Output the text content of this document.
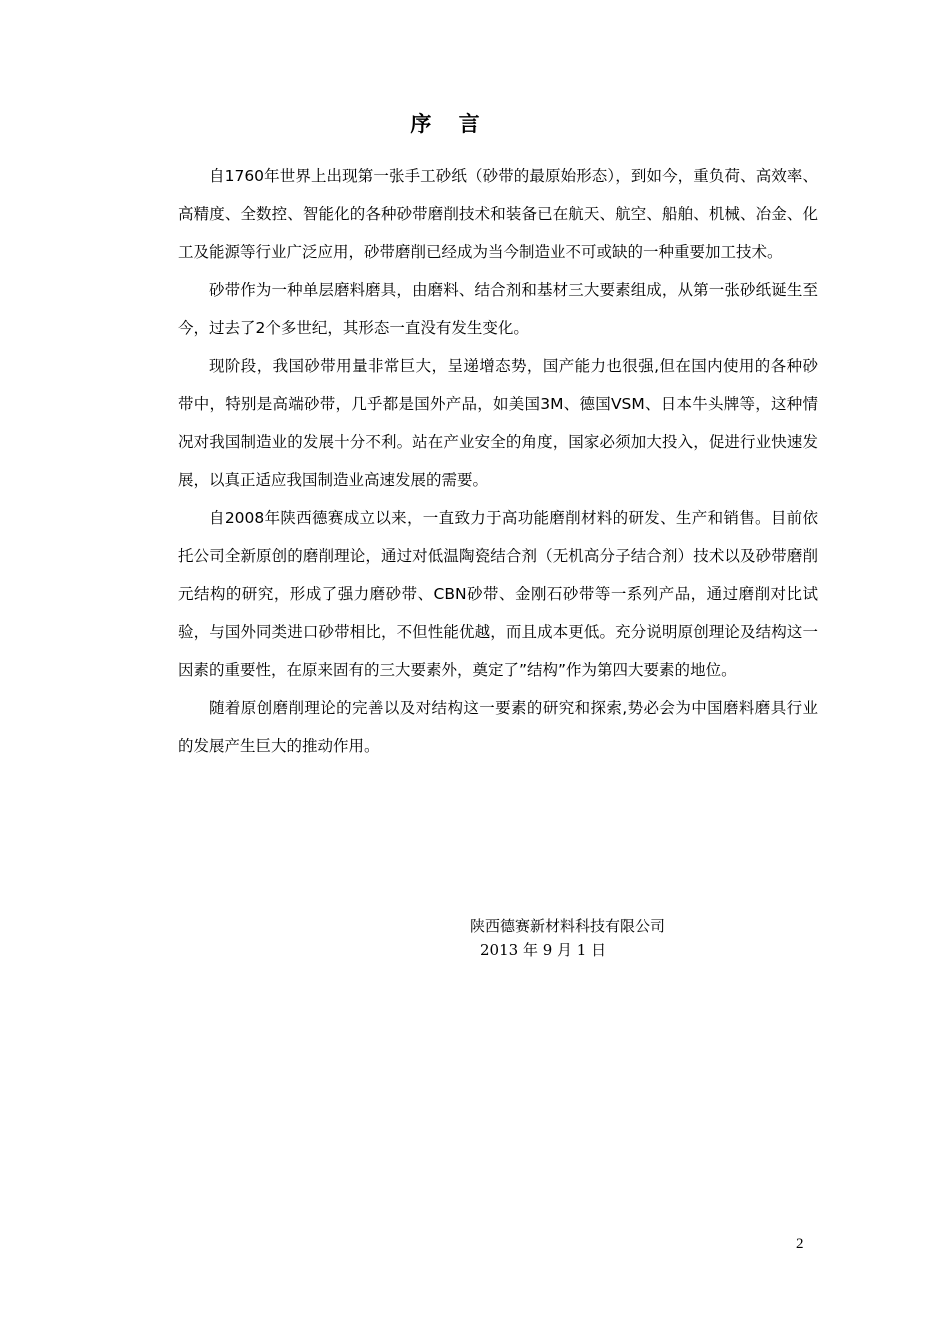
序 言

自1760年世界上出现第一张手工砂纸（砂带的最原始形态），到如今，重负荷、高效率、高精度、全数控、智能化的各种砂带磨削技术和装备已在航天、航空、船舶、机械、冶金、化工及能源等行业广泛应用，砂带磨削已经成为当今制造业不可或缺的一种重要加工技术。

砂带作为一种单层磨料磨具，由磨料、结合剂和基材三大要素组成，从第一张砂纸诞生至今，过去了2个多世纪，其形态一直没有发生变化。

现阶段，我国砂带用量非常巨大，呈递增态势，国产能力也很强,但在国内使用的各种砂带中，特别是高端砂带，几乎都是国外产品，如美国3M、德国VSM、日本牛头牌等，这种情况对我国制造业的发展十分不利。站在产业安全的角度，国家必须加大投入，促进行业快速发展，以真正适应我国制造业高速发展的需要。

自2008年陕西德赛成立以来，一直致力于高功能磨削材料的研发、生产和销售。目前依托公司全新原创的磨削理论，通过对低温陶瓷结合剂（无机高分子结合剂）技术以及砂带磨削元结构的研究，形成了强力磨砂带、CBN砂带、金刚石砂带等一系列产品，通过磨削对比试验，与国外同类进口砂带相比，不但性能优越，而且成本更低。充分说明原创理论及结构这一因素的重要性，在原来固有的三大要素外，奠定了”结构”作为第四大要素的地位。

随着原创磨削理论的完善以及对结构这一要素的研究和探索,势必会为中国磨料磨具行业的发展产生巨大的推动作用。

陕西德赛新材料科技有限公司
2013 年 9 月 1 日
2
